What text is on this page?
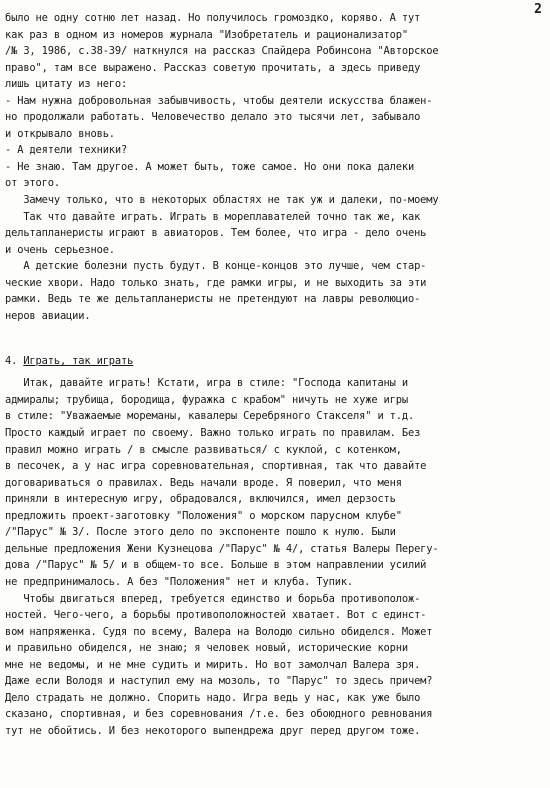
2
было не одну сотню лет назад. Но получилось громоздко, коряво. А тут
как раз в одном из номеров журнала "Изобретатель и рационализатор"
/№ 3, 1986, с.38-39/ наткнулся на рассказ Спайдера Робинсона "Авторское
право", там все выражено. Рассказ советую прочитать, а здесь приведу
лишь цитату из него:
- Нам нужна добровольная забывчивость, чтобы деятели искусства блажен-
но продолжали работать. Человечество делало это тысячи лет, забывало
и открывало вновь.
- А деятели техники?
- Не знаю. Там другое. А может быть, тоже самое. Но они пока далеки
от этого.
Замечу только, что в некоторых областях не так уж и далеки, по-моему
Так что давайте играть. Играть в мореплавателей точно так же, как
дельтапланеристы играют в авиаторов. Тем более, что игра - дело очень
и очень серьезное.
А детские болезни пусть будут. В конце-концов это лучше, чем стар-
ческие хвори. Надо только знать, где рамки игры, и не выходить за эти
рамки. Ведь те же дельтапланеристы не претендуют на лавры революцио-
неров авиации.
4. Играть, так играть
Итак, давайте играть! Кстати, игра в стиле: "Господа капитаны и
адмиралы; трубища, бородища, фуражка с крабом" ничуть не хуже игры
в стиле: "Уважаемые мореманы, кавалеры Серебряного Стакселя" и т.д.
Просто каждый играет по своему. Важно только играть по правилам. Без
правил можно играть / в смысле развиваться/ с куклой, с котенком,
в песочек, а у нас игра соревновательная, спортивная, так что давайте
договариваться о правилах. Ведь начали вроде. Я поверил, что меня
приняли в интересную игру, обрадовался, включился, имел дерзость
предложить проект-заготовку "Положения" о морском парусном клубе"
/"Парус" № 3/. После этого дело по экспоненте пошло к нулю. Были
дельные предложения Жени Кузнецова /"Парус" № 4/, статья Валеры Перегу-
дова /"Парус" № 5/ и в общем-то все. Больше в этом направлении усилий
не предпринималось. А без "Положения" нет и клуба. Тупик.
Чтобы двигаться вперед, требуется единство и борьба противополож-
ностей. Чего-чего, а борьбы противоположностей хватает. Вот с единст-
вом напряженка. Судя по всему, Валера на Володю сильно обиделся. Может
и правильно обиделся, не знаю; я человек новый, исторические корни
мне не ведомы, и не мне судить и мирить. Но вот замолчал Валера зря.
Даже если Володя и наступил ему на мозоль, то "Парус" то здесь причем?
Дело страдать не должно. Спорить надо. Игра ведь у нас, как уже было
сказано, спортивная, и без соревнования /т.е. без обоюдного ревнования
тут не обойтись. И без некоторого выпендрежа друг перед другом тоже.
